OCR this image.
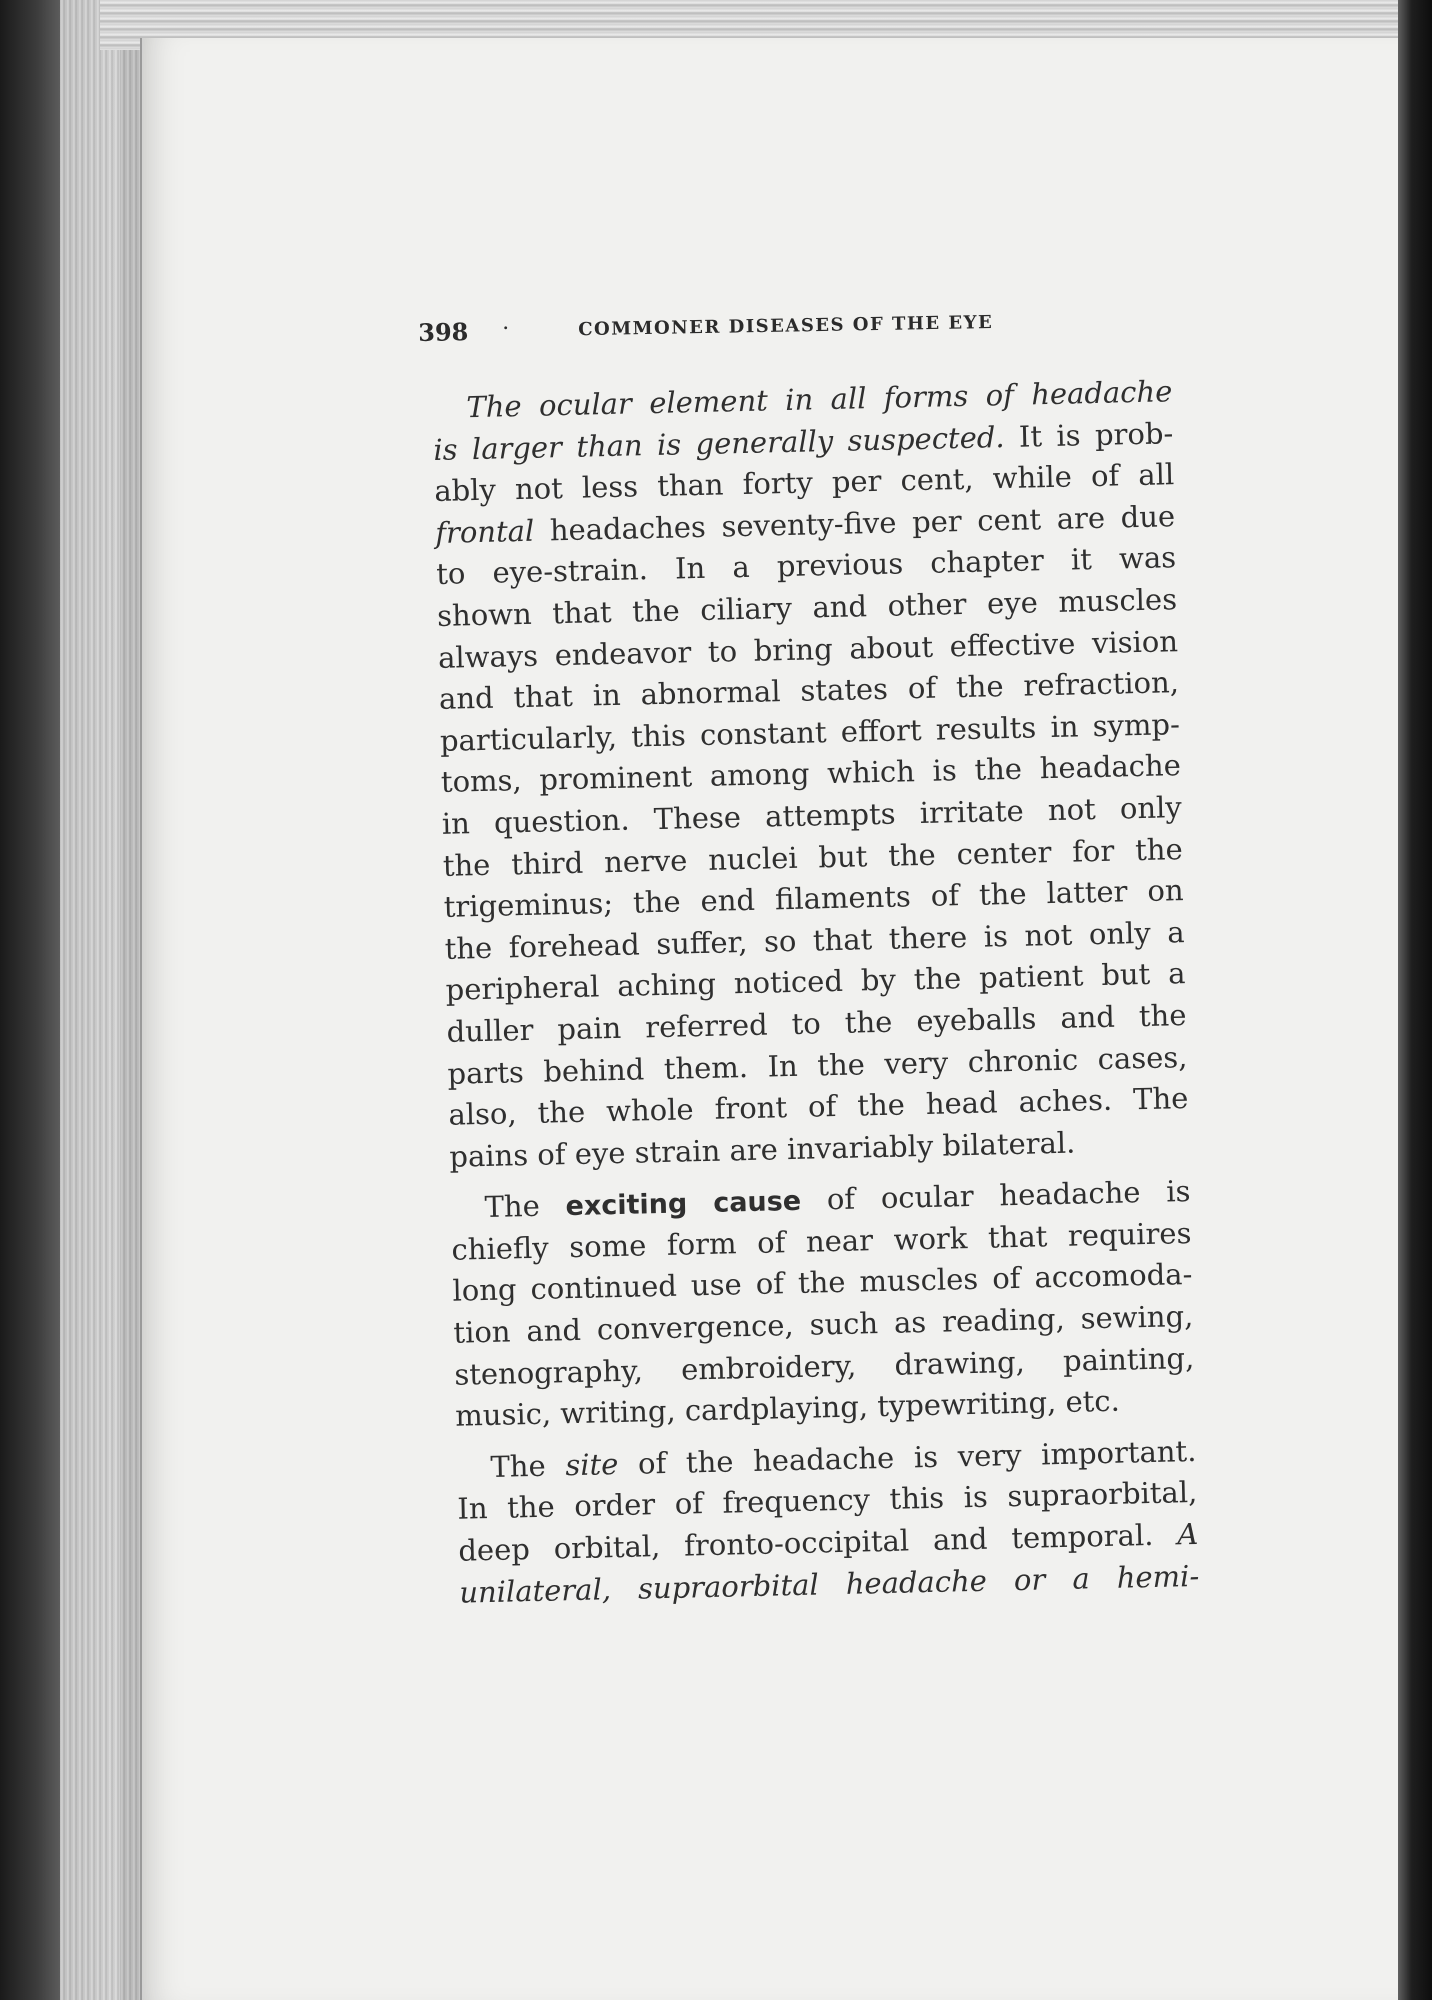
398 ·	COMMONER DISEASES OF THE EYE
The ocular element in all forms of headache
is larger than is generally suspected. It is prob-
ably not less than forty per cent, while of all
frontal headaches seventy-five per cent are due
to eye-strain. In a previous chapter it was
shown that the ciliary and other eye muscles
always endeavor to bring about effective vision
and that in abnormal states of the refraction,
particularly, this constant effort results in symp-
toms, prominent among which is the headache
in question. These attempts irritate not only
the third nerve nuclei but the center for the
trigeminus; the end filaments of the latter on
the forehead suffer, so that there is not only a
peripheral aching noticed by the patient but a
duller pain referred to the eyeballs and the
parts behind them. In the very chronic cases,
also, the whole front of the head aches. The
pains of eye strain are invariably bilateral.
The exciting cause of ocular headache is
chiefly some form of near work that requires
long continued use of the muscles of accomoda-
tion and convergence, such as reading, sewing,
stenography, embroidery, drawing, painting,
music, writing, cardplaying, typewriting, etc.
The site of the headache is very important.
In the order of frequency this is supraorbital,
deep orbital, fronto-occipital and temporal. A
unilateral, supraorbital headache or a hemi-
